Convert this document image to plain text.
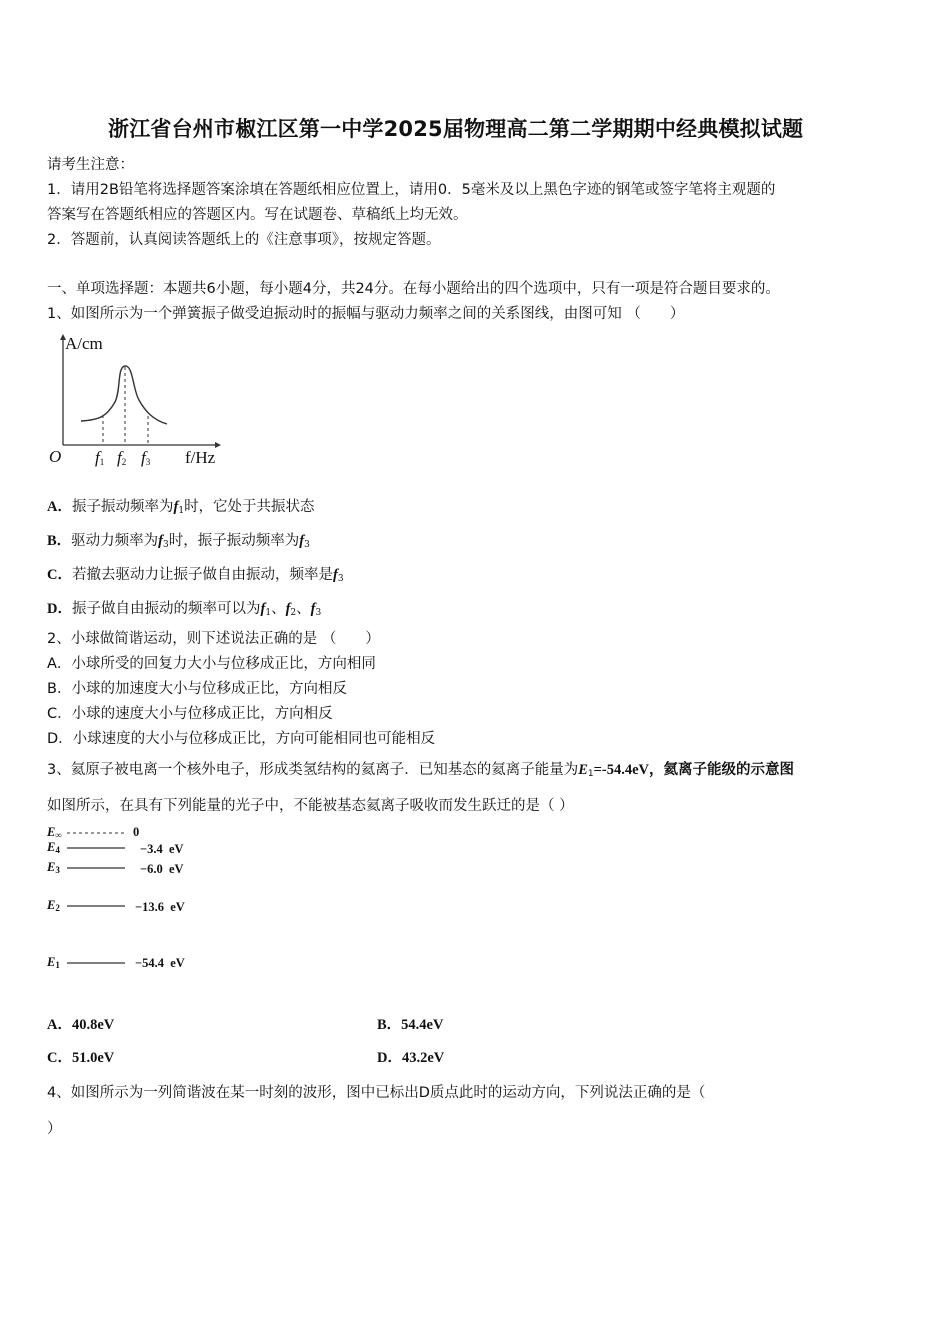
浙江省台州市椒江区第一中学2025届物理高二第二学期期中经典模拟试题
请考生注意：
1．请用2B铅笔将选择题答案涂填在答题纸相应位置上，请用0．5毫米及以上黑色字迹的钢笔或签字笔将主观题的
答案写在答题纸相应的答题区内。写在试题卷、草稿纸上均无效。
2．答题前，认真阅读答题纸上的《注意事项》，按规定答题。
一、单项选择题：本题共6小题，每小题4分，共24分。在每小题给出的四个选项中，只有一项是符合题目要求的。
1、如图所示为一个弹簧振子做受迫振动时的振幅与驱动力频率之间的关系图线，由图可知 （　　）
A/cm
O $f_1$ $f_2$ $f_3$ f/Hz
A．振子振动频率为$f_1$时，它处于共振状态
B．驱动力频率为$f_3$时，振子振动频率为$f_3$
C．若撤去驱动力让振子做自由振动，频率是$f_3$
D．振子做自由振动的频率可以为$f_1$、$f_2$、$f_3$
2、小球做简谐运动，则下述说法正确的是 （　　）
A．小球所受的回复力大小与位移成正比，方向相同
B．小球的加速度大小与位移成正比，方向相反
C．小球的速度大小与位移成正比，方向相反
D．小球速度的大小与位移成正比，方向可能相同也可能相反
3、氦原子被电离一个核外电子，形成类氢结构的氦离子．已知基态的氦离子能量为$E_1=-54.4eV$，氦离子能级的示意图
如图所示，在具有下列能量的光子中，不能被基态氦离子吸收而发生跃迁的是（ ）
$E_\infty$	0
$E_4$	−3.4  eV
$E_3$	−6.0  eV
$E_2$	−13.6  eV
$E_1$	−54.4  eV
A．40.8eV	B．54.4eV
C．51.0eV	D．43.2eV
4、如图所示为一列简谐波在某一时刻的波形，图中已标出D质点此时的运动方向，下列说法正确的是（
）
